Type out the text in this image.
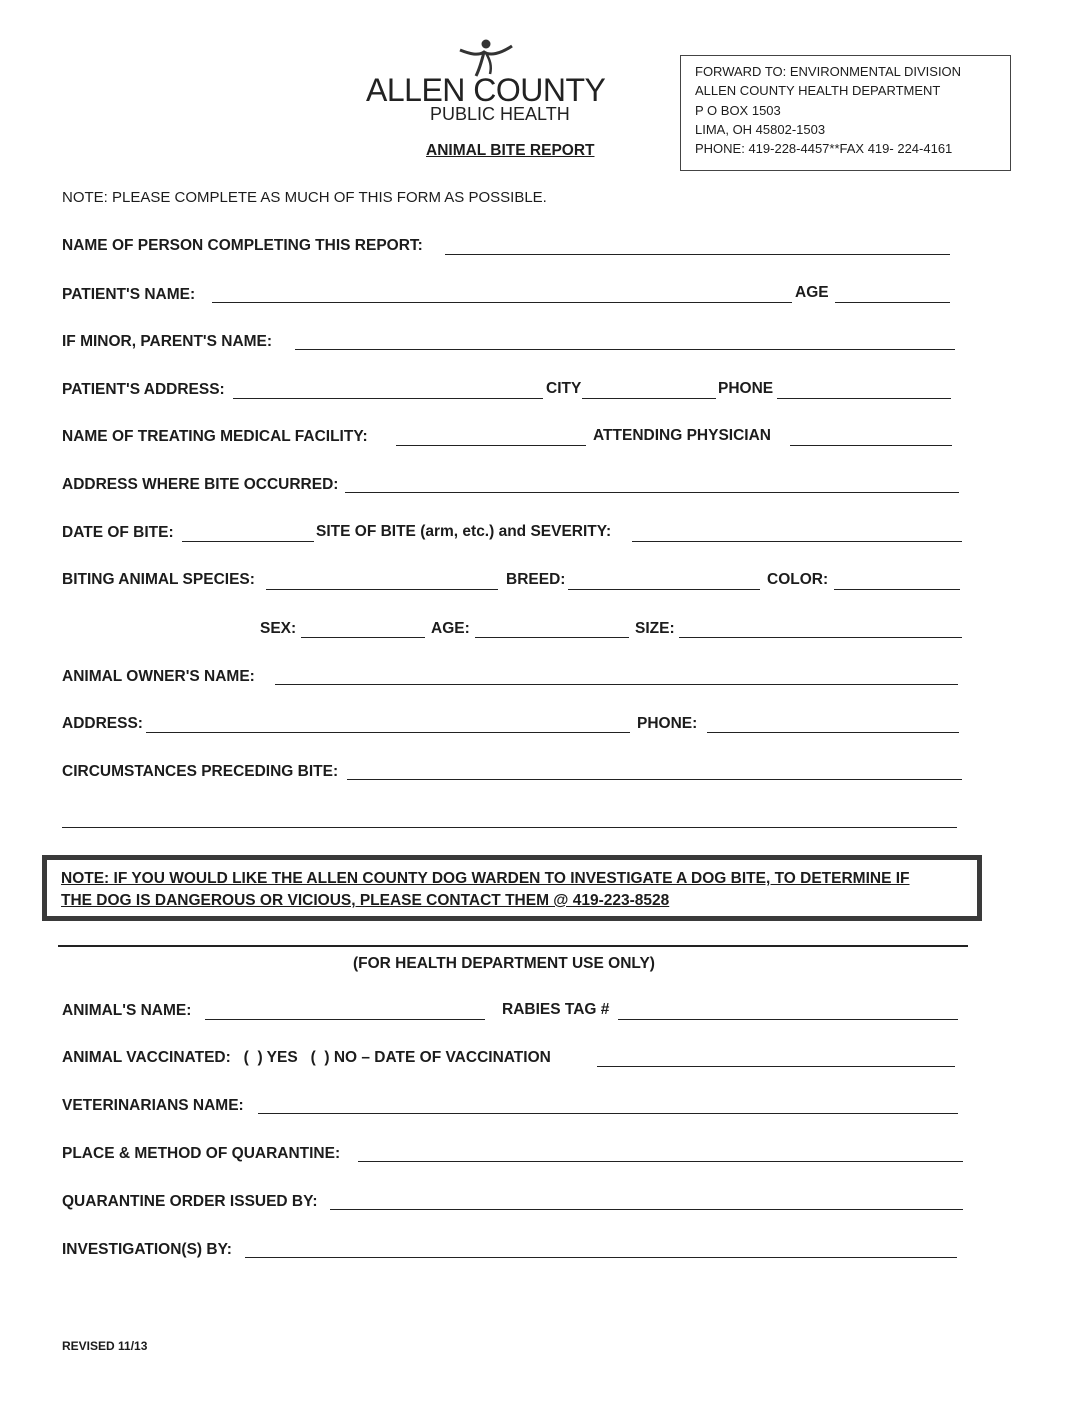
ALLEN COUNTY
PUBLIC HEALTH
ANIMAL BITE REPORT
FORWARD TO: ENVIRONMENTAL DIVISION
ALLEN COUNTY HEALTH DEPARTMENT
P O BOX 1503
LIMA, OH 45802-1503
PHONE: 419-228-4457**FAX 419- 224-4161
NOTE: PLEASE COMPLETE AS MUCH OF THIS FORM AS POSSIBLE.
NAME OF PERSON COMPLETING THIS REPORT:
PATIENT'S NAME:	AGE
IF MINOR, PARENT'S NAME:
PATIENT'S ADDRESS:	CITY	PHONE
NAME OF TREATING MEDICAL FACILITY:	ATTENDING PHYSICIAN
ADDRESS WHERE BITE OCCURRED:
DATE OF BITE:	SITE OF BITE (arm, etc.) and SEVERITY:
BITING ANIMAL SPECIES:	BREED:	COLOR:
SEX:	AGE:	SIZE:
ANIMAL OWNER'S NAME:
ADDRESS:	PHONE:
CIRCUMSTANCES PRECEDING BITE:
NOTE: IF YOU WOULD LIKE THE ALLEN COUNTY DOG WARDEN TO INVESTIGATE A DOG BITE, TO DETERMINE IF
THE DOG IS DANGEROUS OR VICIOUS, PLEASE CONTACT THEM @ 419-223-8528
(FOR HEALTH DEPARTMENT USE ONLY)
ANIMAL'S NAME:	RABIES TAG #
ANIMAL VACCINATED:   (  ) YES   (  ) NO – DATE OF VACCINATION
VETERINARIANS NAME:
PLACE & METHOD OF QUARANTINE:
QUARANTINE ORDER ISSUED BY:
INVESTIGATION(S) BY:
REVISED 11/13
